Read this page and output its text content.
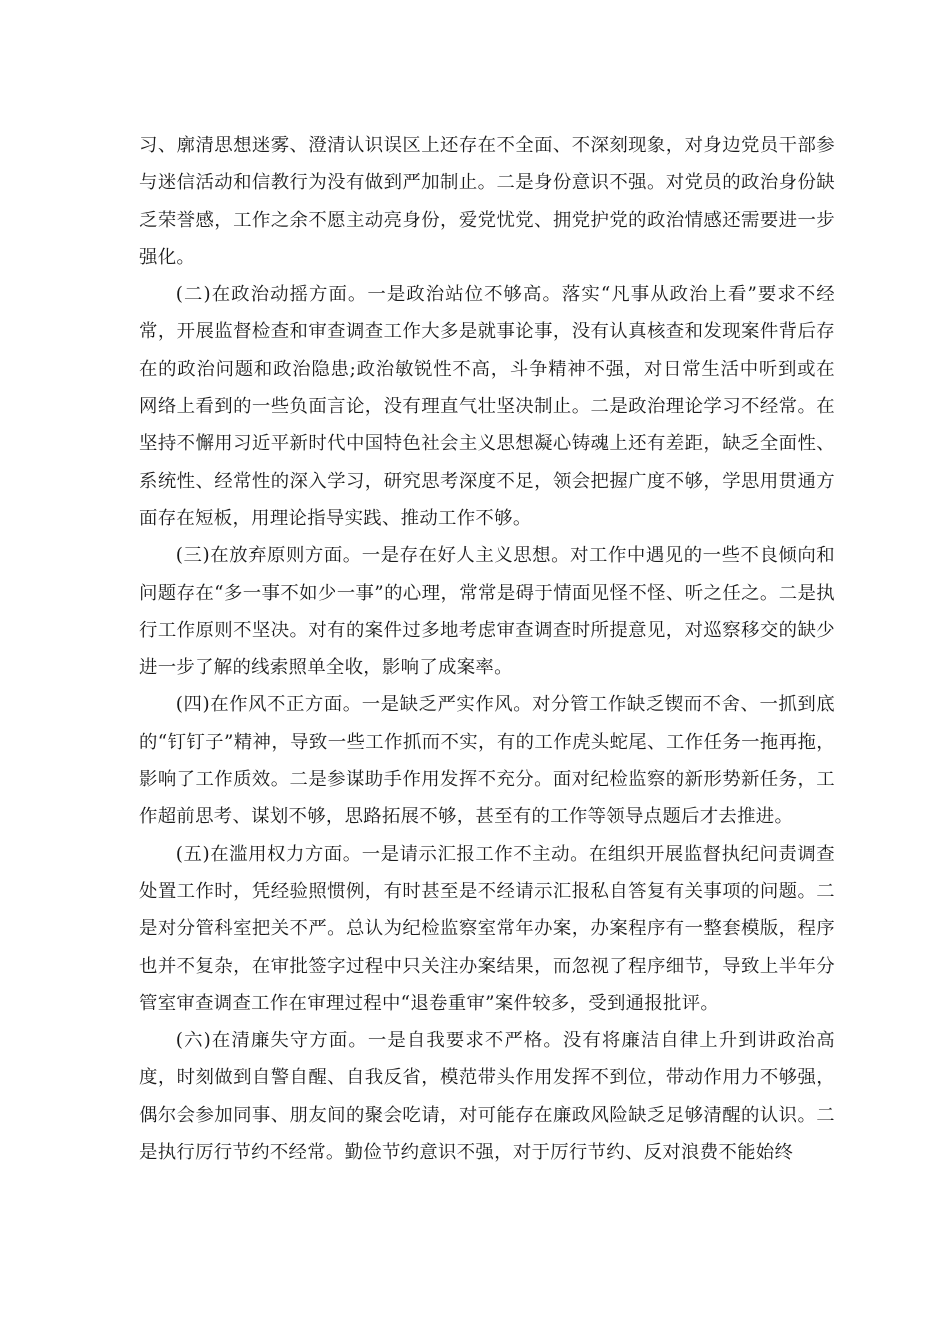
习、廓清思想迷雾、澄清认识误区上还存在不全面、不深刻现象，对身边党员干部参与迷信活动和信教行为没有做到严加制止。二是身份意识不强。对党员的政治身份缺乏荣誉感，工作之余不愿主动亮身份，爱党忧党、拥党护党的政治情感还需要进一步强化。

(二)在政治动摇方面。一是政治站位不够高。落实“凡事从政治上看”要求不经常，开展监督检查和审查调查工作大多是就事论事，没有认真核查和发现案件背后存在的政治问题和政治隐患;政治敏锐性不高，斗争精神不强，对日常生活中听到或在网络上看到的一些负面言论，没有理直气壮坚决制止。二是政治理论学习不经常。在坚持不懈用习近平新时代中国特色社会主义思想凝心铸魂上还有差距，缺乏全面性、系统性、经常性的深入学习，研究思考深度不足，领会把握广度不够，学思用贯通方面存在短板，用理论指导实践、推动工作不够。

(三)在放弃原则方面。一是存在好人主义思想。对工作中遇见的一些不良倾向和问题存在“多一事不如少一事”的心理，常常是碍于情面见怪不怪、听之任之。二是执行工作原则不坚决。对有的案件过多地考虑审查调查时所提意见，对巡察移交的缺少进一步了解的线索照单全收，影响了成案率。

(四)在作风不正方面。一是缺乏严实作风。对分管工作缺乏锲而不舍、一抓到底的“钉钉子”精神，导致一些工作抓而不实，有的工作虎头蛇尾、工作任务一拖再拖，影响了工作质效。二是参谋助手作用发挥不充分。面对纪检监察的新形势新任务，工作超前思考、谋划不够，思路拓展不够，甚至有的工作等领导点题后才去推进。

(五)在滥用权力方面。一是请示汇报工作不主动。在组织开展监督执纪问责调查处置工作时，凭经验照惯例，有时甚至是不经请示汇报私自答复有关事项的问题。二是对分管科室把关不严。总认为纪检监察室常年办案，办案程序有一整套模版，程序也并不复杂，在审批签字过程中只关注办案结果，而忽视了程序细节，导致上半年分管室审查调查工作在审理过程中“退卷重审”案件较多，受到通报批评。

(六)在清廉失守方面。一是自我要求不严格。没有将廉洁自律上升到讲政治高度，时刻做到自警自醒、自我反省，模范带头作用发挥不到位，带动作用力不够强，偶尔会参加同事、朋友间的聚会吃请，对可能存在廉政风险缺乏足够清醒的认识。二是执行厉行节约不经常。勤俭节约意识不强，对于厉行节约、反对浪费不能始终
